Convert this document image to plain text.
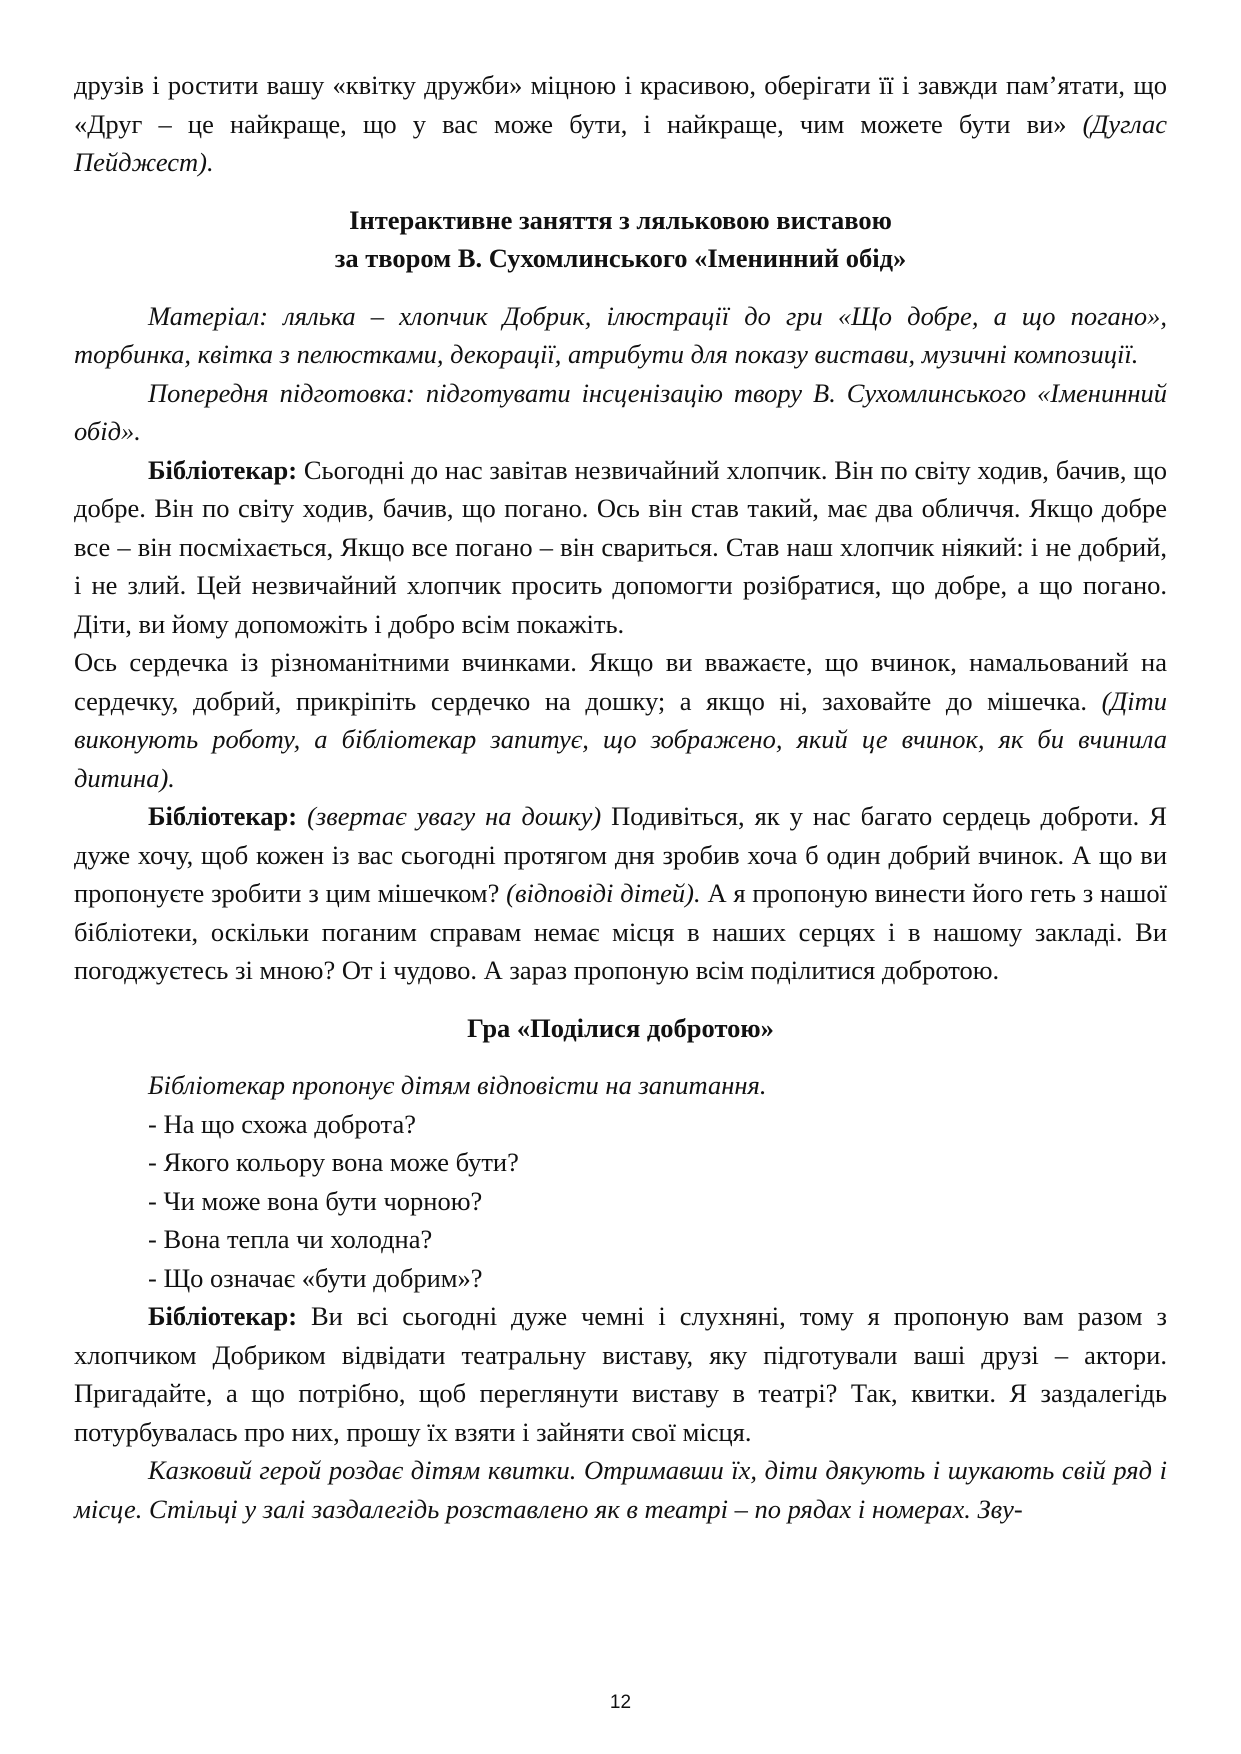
друзів і ростити вашу «квітку дружби» міцною і красивою, оберігати її і завжди пам’ятати, що «Друг – це найкраще, що у вас може бути, і найкраще, чим можете бути ви» (Дуглас Пейджест).

Інтерактивне заняття з ляльковою виставою

за твором В. Сухомлинського «Іменинний обід»

Матеріал: лялька – хлопчик Добрик, ілюстрації до гри «Що добре, а що погано», торбинка, квітка з пелюстками, декорації, атрибути для показу вистави, музичні композиції.

Попередня підготовка: підготувати інсценізацію твору В. Сухомлинського «Іменинний обід».

Бібліотекар: Сьогодні до нас завітав незвичайний хлопчик. Він по світу ходив, бачив, що добре. Він по світу ходив, бачив, що погано. Ось він став такий, має два обличчя. Якщо добре все – він посміхається, Якщо все погано – він свариться. Став наш хлопчик ніякий: і не добрий, і не злий. Цей незвичайний хлопчик просить допомогти розібратися, що добре, а що погано. Діти, ви йому допоможіть і добро всім покажіть.

Ось сердечка із різноманітними вчинками. Якщо ви вважаєте, що вчинок, намальований на сердечку, добрий, прикріпіть сердечко на дошку; а якщо ні, заховайте до мішечка. (Діти виконують роботу, а бібліотекар запитує, що зображено, який це вчинок, як би вчинила дитина).

Бібліотекар: (звертає увагу на дошку) Подивіться, як у нас багато сердець доброти. Я дуже хочу, щоб кожен із вас сьогодні протягом дня зробив хоча б один добрий вчинок. А що ви пропонуєте зробити з цим мішечком? (відповіді дітей). А я пропоную винести його геть з нашої бібліотеки, оскільки поганим справам немає місця в наших серцях і в нашому закладі. Ви погоджуєтесь зі мною? От і чудово. А зараз пропоную всім поділитися добротою.

Гра «Поділися добротою»

Бібліотекар пропонує дітям відповісти на запитання.

- На що схожа доброта?

- Якого кольору вона може бути?

- Чи може вона бути чорною?

- Вона тепла чи холодна?

- Що означає «бути добрим»?

Бібліотекар: Ви всі сьогодні дуже чемні і слухняні, тому я пропоную вам разом з хлопчиком Добриком відвідати театральну виставу, яку підготували ваші друзі – актори. Пригадайте, а що потрібно, щоб переглянути виставу в театрі? Так, квитки. Я заздалегідь потурбувалась про них, прошу їх взяти і зайняти свої місця.

Казковий герой роздає дітям квитки. Отримавши їх, діти дякують і шукають свій ряд і місце. Стільці у залі заздалегідь розставлено як в театрі – по рядах і номерах. Зву-

12
